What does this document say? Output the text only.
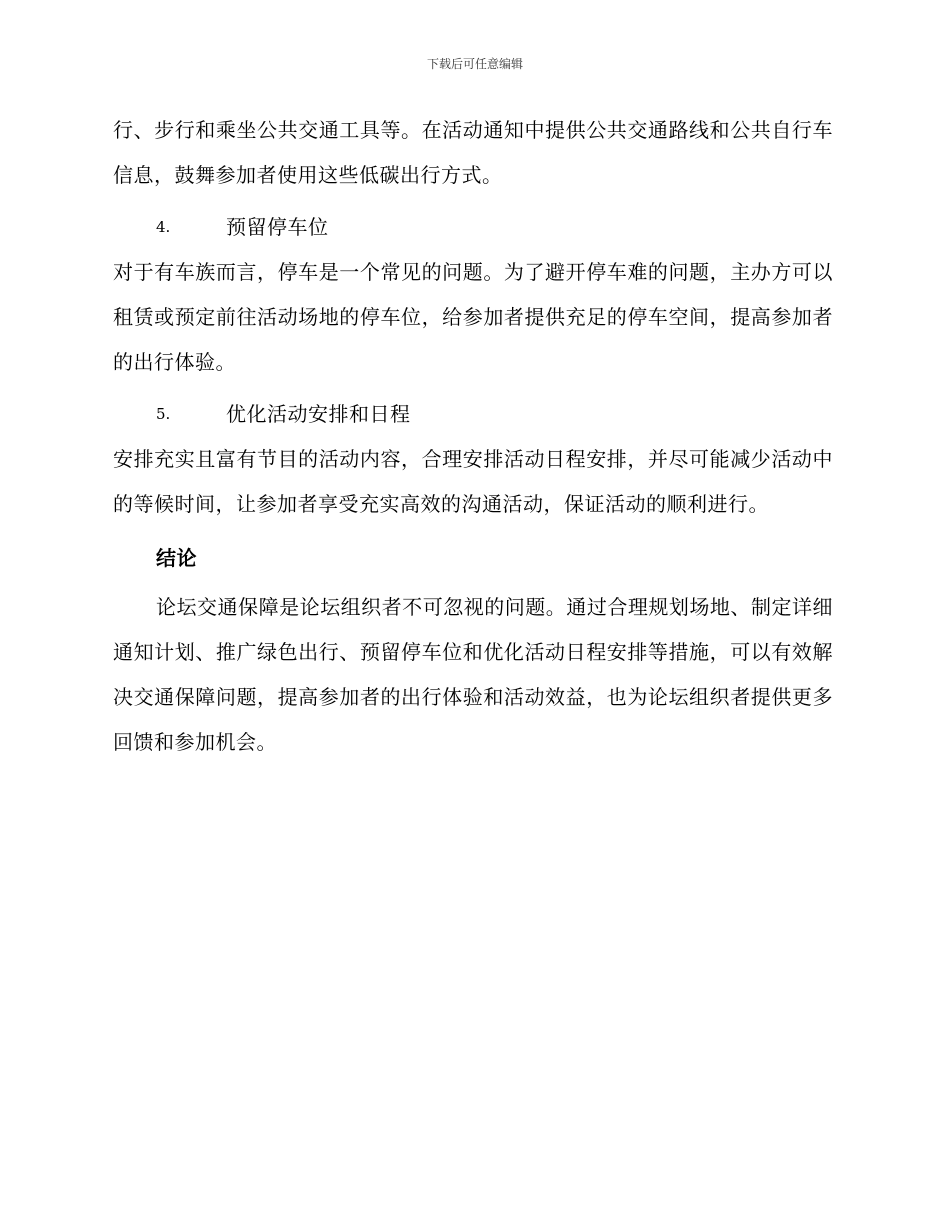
下载后可任意编辑

行、步行和乘坐公共交通工具等。在活动通知中提供公共交通路线和公共自行车信息，鼓舞参加者使用这些低碳出行方式。

4.	预留停车位

对于有车族而言，停车是一个常见的问题。为了避开停车难的问题，主办方可以租赁或预定前往活动场地的停车位，给参加者提供充足的停车空间，提高参加者的出行体验。

5.	优化活动安排和日程

安排充实且富有节目的活动内容，合理安排活动日程安排，并尽可能减少活动中的等候时间，让参加者享受充实高效的沟通活动，保证活动的顺利进行。

结论

论坛交通保障是论坛组织者不可忽视的问题。通过合理规划场地、制定详细通知计划、推广绿色出行、预留停车位和优化活动日程安排等措施，可以有效解决交通保障问题，提高参加者的出行体验和活动效益，也为论坛组织者提供更多回馈和参加机会。
